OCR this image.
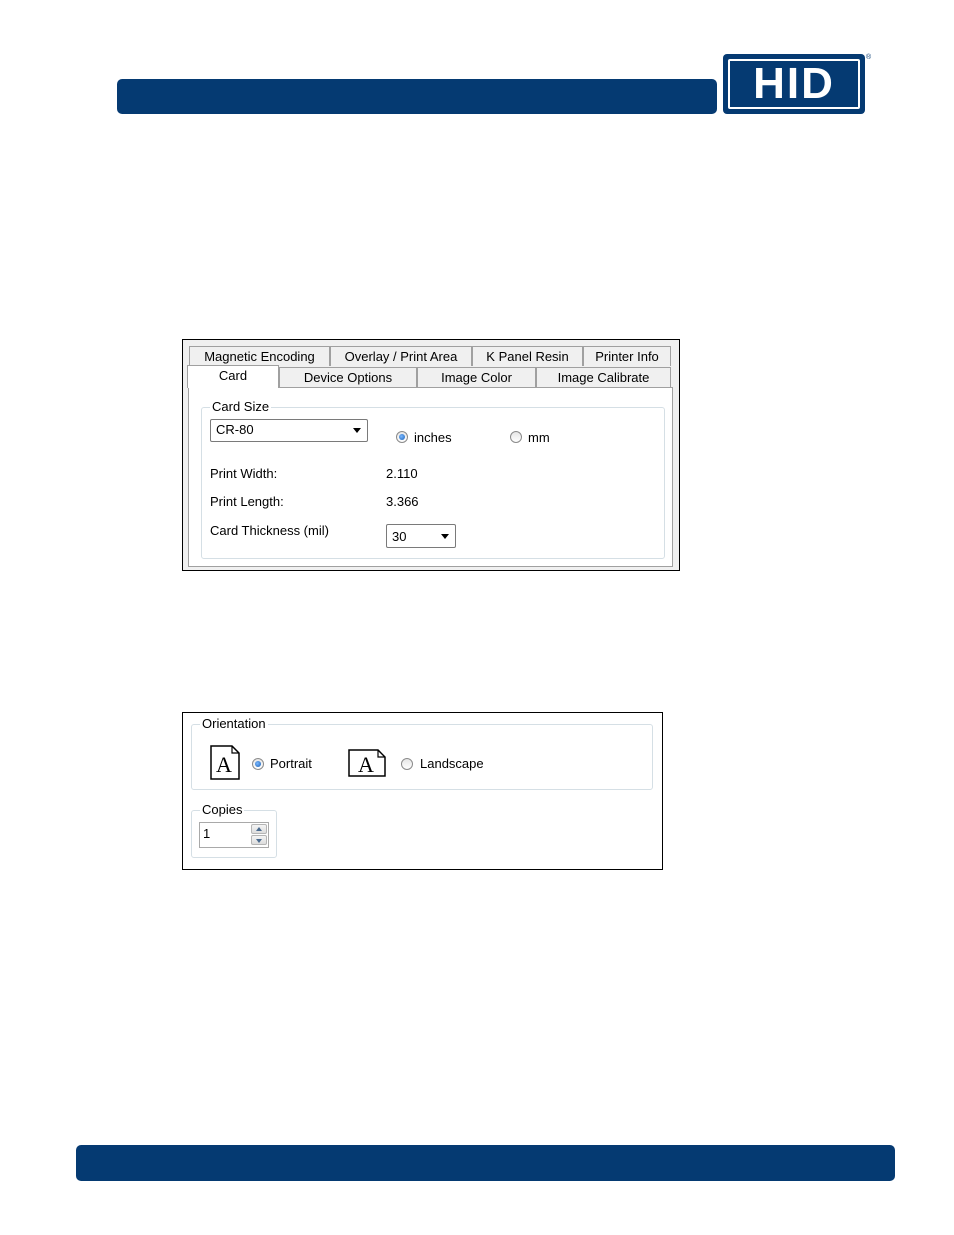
HID
®
Magnetic Encoding	Overlay / Print Area	K Panel Resin	Printer Info
Card	Device Options	Image Color	Image Calibrate
Card Size
CR-80
inches	mm
Print Width:	2.110
Print Length:	3.366
Card Thickness (mil)	30
Orientation
A	Portrait A	Landscape
Copies
1
